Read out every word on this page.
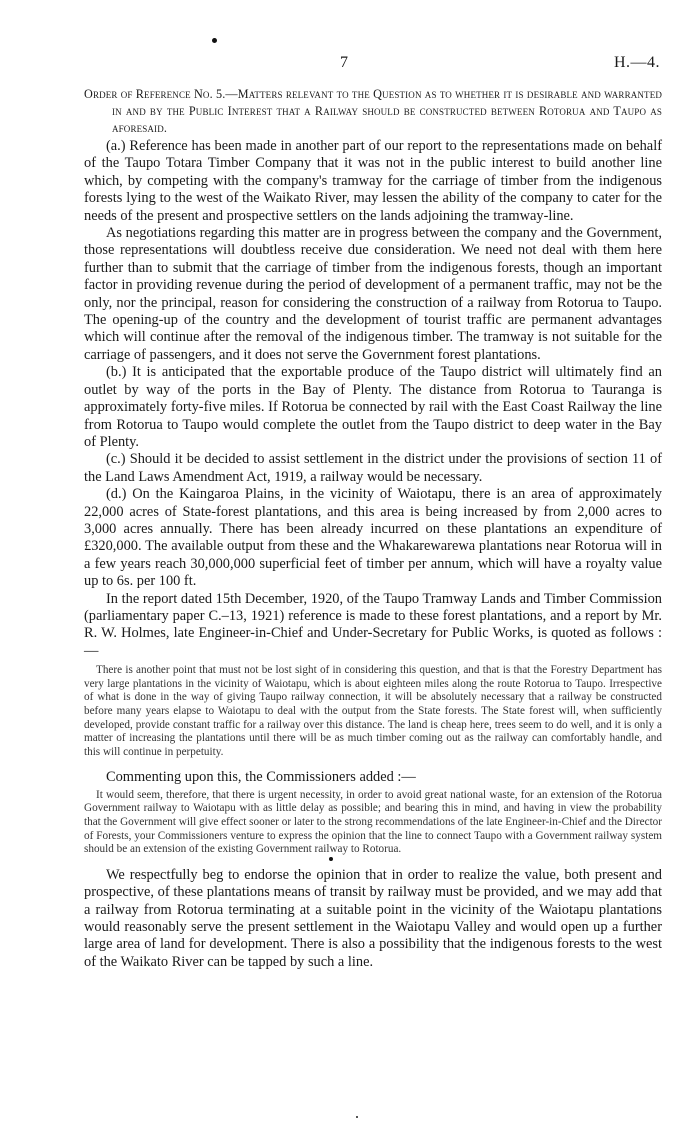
7	H.—4.

Order of Reference No. 5.—Matters relevant to the Question as to whether it is desirable and warranted in and by the Public Interest that a Railway should be constructed between Rotorua and Taupo as aforesaid.

(a.) Reference has been made in another part of our report to the representations made on behalf of the Taupo Totara Timber Company that it was not in the public interest to build another line which, by competing with the company's tramway for the carriage of timber from the indigenous forests lying to the west of the Waikato River, may lessen the ability of the company to cater for the needs of the present and prospective settlers on the lands adjoining the tramway-line.

As negotiations regarding this matter are in progress between the company and the Government, those representations will doubtless receive due consideration. We need not deal with them here further than to submit that the carriage of timber from the indigenous forests, though an important factor in providing revenue during the period of development of a permanent traffic, may not be the only, nor the principal, reason for considering the construction of a railway from Rotorua to Taupo. The opening-up of the country and the development of tourist traffic are permanent advantages which will continue after the removal of the indigenous timber. The tramway is not suitable for the carriage of passengers, and it does not serve the Government forest plantations.

(b.) It is anticipated that the exportable produce of the Taupo district will ultimately find an outlet by way of the ports in the Bay of Plenty. The distance from Rotorua to Tauranga is approximately forty-five miles. If Rotorua be connected by rail with the East Coast Railway the line from Rotorua to Taupo would complete the outlet from the Taupo district to deep water in the Bay of Plenty.

(c.) Should it be decided to assist settlement in the district under the provisions of section 11 of the Land Laws Amendment Act, 1919, a railway would be necessary.

(d.) On the Kaingaroa Plains, in the vicinity of Waiotapu, there is an area of approximately 22,000 acres of State-forest plantations, and this area is being increased by from 2,000 acres to 3,000 acres annually. There has been already incurred on these plantations an expenditure of £320,000. The available output from these and the Whakarewarewa plantations near Rotorua will in a few years reach 30,000,000 superficial feet of timber per annum, which will have a royalty value up to 6s. per 100 ft.

In the report dated 15th December, 1920, of the Taupo Tramway Lands and Timber Commission (parliamentary paper C.–13, 1921) reference is made to these forest plantations, and a report by Mr. R. W. Holmes, late Engineer-in-Chief and Under-Secretary for Public Works, is quoted as follows :—

There is another point that must not be lost sight of in considering this question, and that is that the Forestry Department has very large plantations in the vicinity of Waiotapu, which is about eighteen miles along the route Rotorua to Taupo. Irrespective of what is done in the way of giving Taupo railway connection, it will be absolutely necessary that a railway be constructed before many years elapse to Waiotapu to deal with the output from the State forests. The State forest will, when sufficiently developed, provide constant traffic for a railway over this distance. The land is cheap here, trees seem to do well, and it is only a matter of increasing the plantations until there will be as much timber coming out as the railway can comfortably handle, and this will continue in perpetuity.

Commenting upon this, the Commissioners added :—

It would seem, therefore, that there is urgent necessity, in order to avoid great national waste, for an extension of the Rotorua Government railway to Waiotapu with as little delay as possible; and bearing this in mind, and having in view the probability that the Government will give effect sooner or later to the strong recommendations of the late Engineer-in-Chief and the Director of Forests, your Commissioners venture to express the opinion that the line to connect Taupo with a Government railway system should be an extension of the existing Government railway to Rotorua.

We respectfully beg to endorse the opinion that in order to realize the value, both present and prospective, of these plantations means of transit by railway must be provided, and we may add that a railway from Rotorua terminating at a suitable point in the vicinity of the Waiotapu plantations would reasonably serve the present settlement in the Waiotapu Valley and would open up a further large area of land for development. There is also a possibility that the indigenous forests to the west of the Waikato River can be tapped by such a line.
